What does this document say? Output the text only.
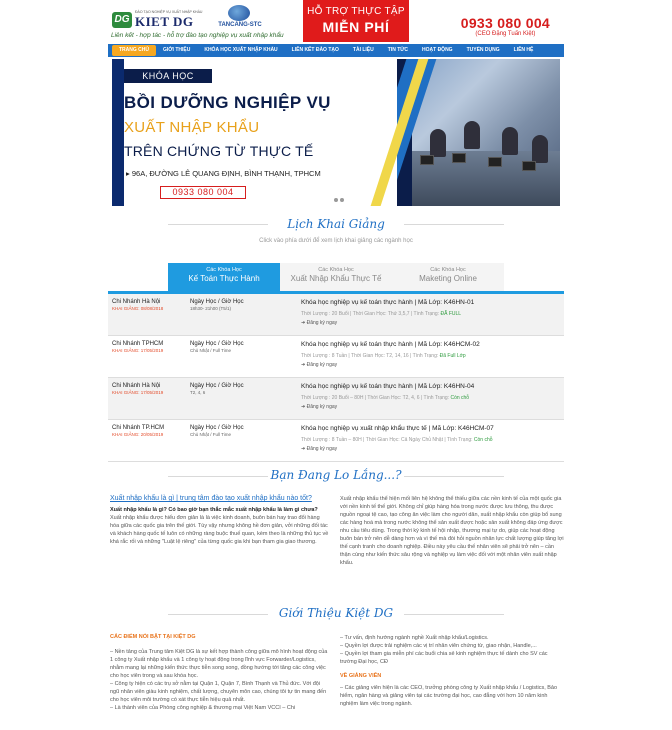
DG
ĐÀO TẠO NGHIỆP VỤ XUẤT NHẬP KHẨU
KIET DG
Liên kết - hợp tác - hỗ trợ đào tạo nghiệp vụ xuất nhập khẩu
TANCANG-STC
HỖ TRỢ THỰC TẬP
MIỄN PHÍ	0933 080 004
(CEO Đặng Tuấn Kiệt)
TRANG CHỦ	GIỚI THIỆU	KHÓA HỌC XUẤT NHẬP KHẨU	LIÊN KẾT ĐÀO TẠO	TÀI LIỆU	TIN TỨC	HOẠT ĐỘNG	TUYỂN DỤNG	LIÊN HỆ
KHÓA HỌC
BỒI DƯỠNG NGHIỆP VỤ
XUẤT NHẬP KHẨU
TRÊN CHỨNG TỪ THỰC TẾ
▸ 96A, ĐƯỜNG LÊ QUANG ĐỊNH, BÌNH THẠNH, TPHCM
0933 080 004
Lịch Khai Giảng
Click vào phía dưới để xem lịch khai giảng các ngành học
Các Khóa Học
Kế Toán Thực Hành
Các Khóa Học
Xuất Nhập Khẩu Thực Tế
Các Khóa Học
Maketing Online
Chi Nhánh Hà Nội
KHAI GIẢNG: 08/08/2018
Ngày Học / Giờ Học
18h30- 21h00 (T5/1)
Khóa học nghiệp vụ kế toán thực hành | Mã Lớp: K46HN-01
Thời Lượng : 20 Buổi | Thời Gian Học: Thứ 3,5,7 | Tình Trạng: ĐÃ FULL
➜ Đăng ký ngay
Chi Nhánh TPHCM
KHAI GIẢNG: 17/05/2019
Ngày Học / Giờ Học
Chủ Nhật / Full Time
Khóa học nghiệp vụ kế toán thực hành | Mã Lớp: K46HCM-02
Thời Lượng : 8 Tuần | Thời Gian Học: T2, 14, 16 | Tình Trạng: Đã Full Lớp
➜ Đăng ký ngay
Chi Nhánh Hà Nội
KHAI GIẢNG: 17/05/2019
Ngày Học / Giờ Học
T2, 4, 6
Khóa học nghiệp vụ kế toán thực hành | Mã Lớp: K46HN-04
Thời Lượng : 20 Buổi – 80H | Thời Gian Học: T2, 4, 6 | Tình Trạng: Còn chỗ
➜ Đăng ký ngay
Chi Nhánh TP.HCM
KHAI GIẢNG: 20/05/2019
Ngày Học / Giờ Học
Chủ Nhật / Full Time
Khóa học nghiệp vụ xuất nhập khẩu thực tế | Mã Lớp: K46HCM-07
Thời Lượng : 8 Tuần – 80H | Thời Gian Học: Cả Ngày Chủ Nhật | Tình Trạng: Còn chỗ
➜ Đăng ký ngay
Bạn Đang Lo Lắng...?
Xuất nhập khẩu là gì | trung tâm đào tạo xuất nhập khẩu nào tốt?
Xuất nhập khẩu là gì? Có bao giờ bạn thắc mắc xuất nhập khẩu là làm gì chưa? Xuất nhập khẩu được hiểu đơn giản là là việc kinh doanh, buôn bán hay trao đổi hàng hóa giữa các quốc gia trên thế giới. Tùy vậy nhưng không hề đơn giản, vởi những đối tác và khách hàng quốc tế luôn có những ràng buộc thuế quan, kèm theo là những thủ tục về khá rắc rối và những "Luật lệ riêng" của từng quốc gia khi bạn tham gia giao thương.
Xuất nhập khẩu thể hiện mối liên hệ không thể thiếu giữa các nền kinh tế của một quốc gia với nền kinh tế thế giới. Không chỉ giúp hàng hóa trong nước được lưu thông, thu được nguồn ngoại tệ cao, tạo công ăn việc làm cho người dân, xuất nhập khẩu còn giúp bổ sung các hàng hoá mà trong nước không thể sản xuất được hoặc sản xuất không đáp ứng được nhu cầu tiêu dùng. Trong thời kỳ kinh tế hội nhập, thương mại tự do, giúp các hoạt động buôn bán trở nên dễ dàng hơn và vì thế mà đòi hỏi nguồn nhân lực chất lượng giúp tăng lợi thế cạnh tranh cho doanh nghiệp. Điều này yêu cầu thế nhân viên sẽ phải trở nên – cần thận cùng như kiến thức sâu rộng và nghiệp vụ làm việc đối với một nhân viên xuất nhập khẩu.
Giới Thiệu Kiệt DG
CÁC ĐIỂM NỔI BẬT TẠI KIỆT DG
– Nền tảng của Trung tâm Kiệt DG là sự kết hợp thành công giữa mô hình hoạt động của 1 công ty Xuất nhập khẩu và 1 công ty hoạt động trong lĩnh vực Forwarder/Logistics, nhằm mang lại những kiến thức thực tiễn song song, đồng hướng tới tăng các công việc cho học viên trong và sau khóa học.
– Công ty hiện có các trụ sở nằm tại Quận 1, Quận 7, Bình Thạnh và Thủ đức. Với đội ngũ nhân viên giàu kinh nghiệm, chất lượng, chuyên môn cao, chúng tôi tự tin mang đến cho học viên môi trường có xát thực tiễn hiệu quả nhất.
– Là thành viên của Phòng công nghiệp & thương mại Việt Nam VCCI – Chi
– Tư vấn, định hướng ngành nghề Xuất nhập khẩu/Logistics.
– Quyền lợi được trải nghiệm các vị trí nhân viên chứng từ, giao nhận, Handle,...
– Quyền lợi tham gia miễn phí các buổi chia sẻ kinh nghiệm thực tế dành cho SV các trường Đại học, CĐ
VỀ GIẢNG VIÊN
– Các giảng viên hiện là các CEO, trưởng phòng công ty Xuất nhập khẩu / Logistics, Bảo hiểm, ngân hàng và giảng viên tại các trường đại học, cao đẳng với hơn 10 năm kinh nghiệm làm việc trong ngành.
